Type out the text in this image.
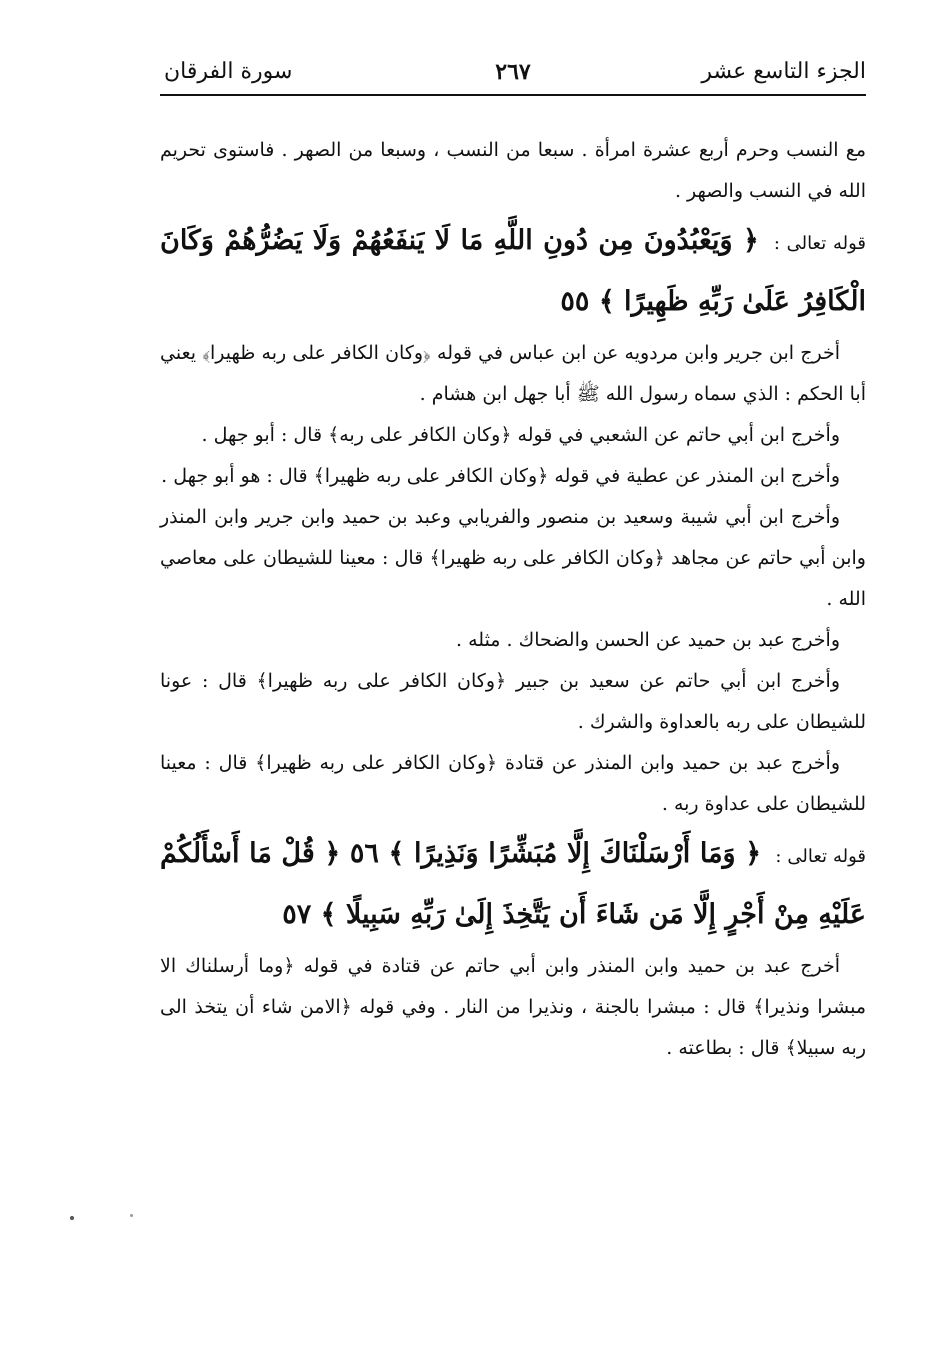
الجزء التاسع عشر
٢٦٧
سورة الفرقان

مع النسب وحرم أربع عشرة امرأة . سبعا من النسب ، وسبعا من الصهر . فاستوى تحريم الله في النسب والصهر .

قوله تعالى : ﴿ وَيَعْبُدُونَ مِن دُونِ اللَّهِ مَا لَا يَنفَعُهُمْ وَلَا يَضُرُّهُمْ وَكَانَ الْكَافِرُ عَلَىٰ رَبِّهِ ظَهِيرًا ﴾ ٥٥

أخرج ابن جرير وابن مردويه عن ابن عباس في قوله ﴿وكان الكافر على ربه ظهيرا﴾ يعني أبا الحكم : الذي سماه رسول الله ﷺ أبا جهل ابن هشام .

وأخرج ابن أبي حاتم عن الشعبي في قوله ﴿وكان الكافر على ربه﴾ قال : أبو جهل .

وأخرج ابن المنذر عن عطية في قوله ﴿وكان الكافر على ربه ظهيرا﴾ قال : هو أبو جهل .

وأخرج ابن أبي شيبة وسعيد بن منصور والفريابي وعبد بن حميد وابن جرير وابن المنذر وابن أبي حاتم عن مجاهد ﴿وكان الكافر على ربه ظهيرا﴾ قال : معينا للشيطان على معاصي الله .

وأخرج عبد بن حميد عن الحسن والضحاك . مثله .

وأخرج ابن أبي حاتم عن سعيد بن جبير ﴿وكان الكافر على ربه ظهيرا﴾ قال : عونا للشيطان على ربه بالعداوة والشرك .

وأخرج عبد بن حميد وابن المنذر عن قتادة ﴿وكان الكافر على ربه ظهيرا﴾ قال : معينا للشيطان على عداوة ربه .

قوله تعالى : ﴿ وَمَا أَرْسَلْنَاكَ إِلَّا مُبَشِّرًا وَنَذِيرًا ﴾ ٥٦ ﴿ قُلْ مَا أَسْأَلُكُمْ عَلَيْهِ مِنْ أَجْرٍ إِلَّا مَن شَاءَ أَن يَتَّخِذَ إِلَىٰ رَبِّهِ سَبِيلًا ﴾ ٥٧

أخرج عبد بن حميد وابن المنذر وابن أبي حاتم عن قتادة في قوله ﴿وما أرسلناك الا مبشرا ونذيرا﴾ قال : مبشرا بالجنة ، ونذيرا من النار . وفي قوله ﴿الامن شاء أن يتخذ الى ربه سبيلا﴾ قال : بطاعته .
